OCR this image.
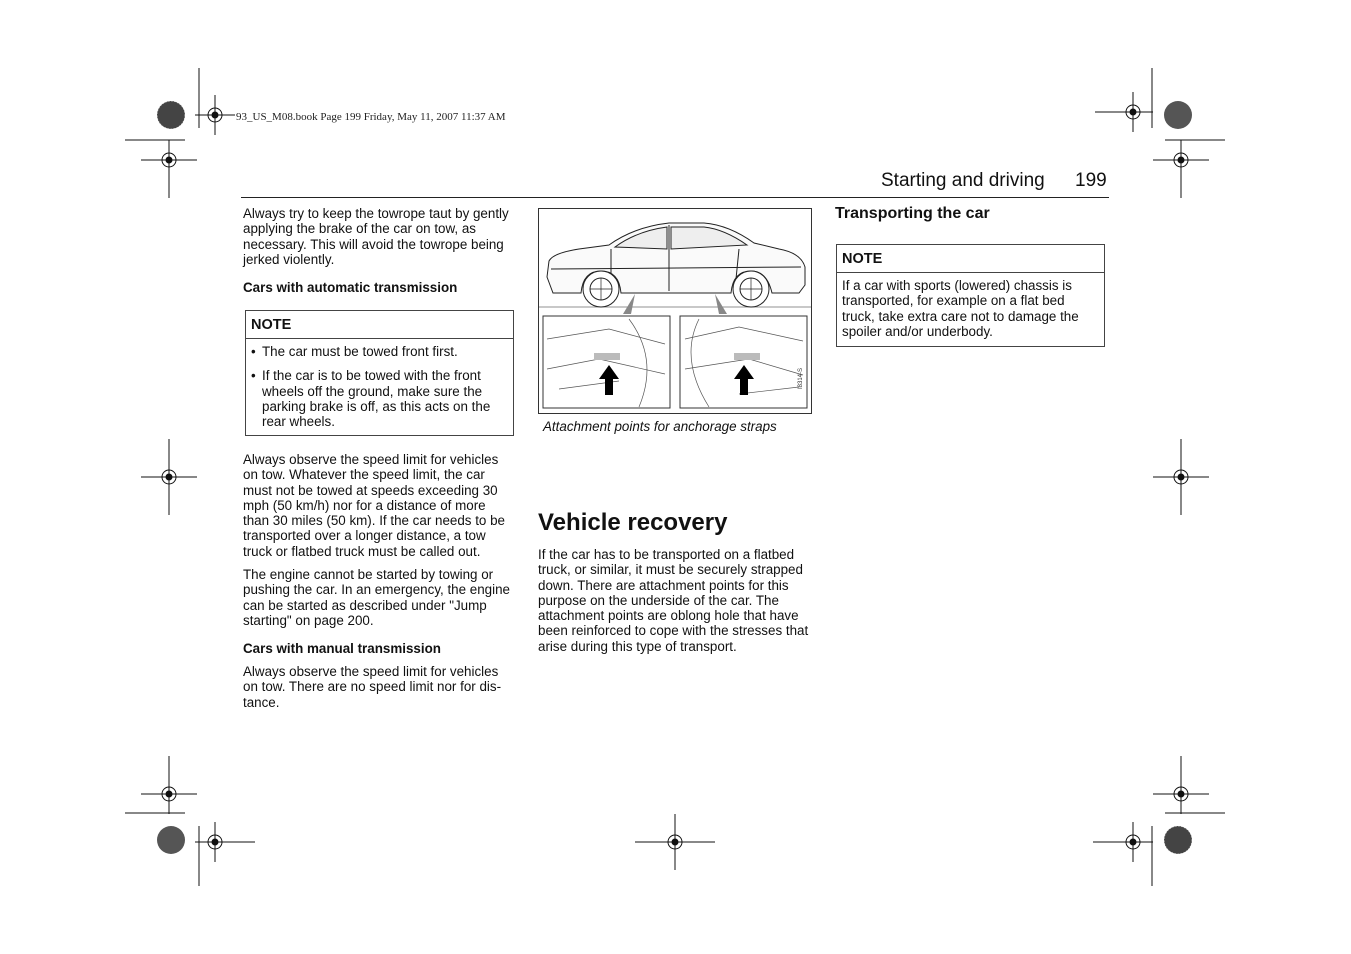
93_US_M08.book Page 199 Friday, May 11, 2007 11:37 AM
Starting and driving 199

Always try to keep the towrope taut by gently applying the brake of the car on tow, as necessary. This will avoid the towrope being jerked violently.

Cars with automatic transmission

NOTE
• The car must be towed front first.
• If the car is to be towed with the front wheels off the ground, make sure the parking brake is off, as this acts on the rear wheels.

Always observe the speed limit for vehicles on tow. Whatever the speed limit, the car must not be towed at speeds exceeding 30 mph (50 km/h) nor for a distance of more than 30 miles (50 km). If the car needs to be transported over a longer distance, a tow truck or flatbed truck must be called out.

The engine cannot be started by towing or pushing the car. In an emergency, the engine can be started as described under "Jump starting" on page 200.

Cars with manual transmission

Always observe the speed limit for vehicles on tow. There are no speed limit nor for dis-tance.

I8314-S
Attachment points for anchorage straps
Vehicle recovery

If the car has to be transported on a flatbed truck, or similar, it must be securely strapped down. There are attachment points for this purpose on the underside of the car. The attachment points are oblong hole that have been reinforced to cope with the stresses that arise during this type of transport.

Transporting the car
NOTE
If a car with sports (lowered) chassis is transported, for example on a flat bed truck, take extra care not to damage the spoiler and/or underbody.
